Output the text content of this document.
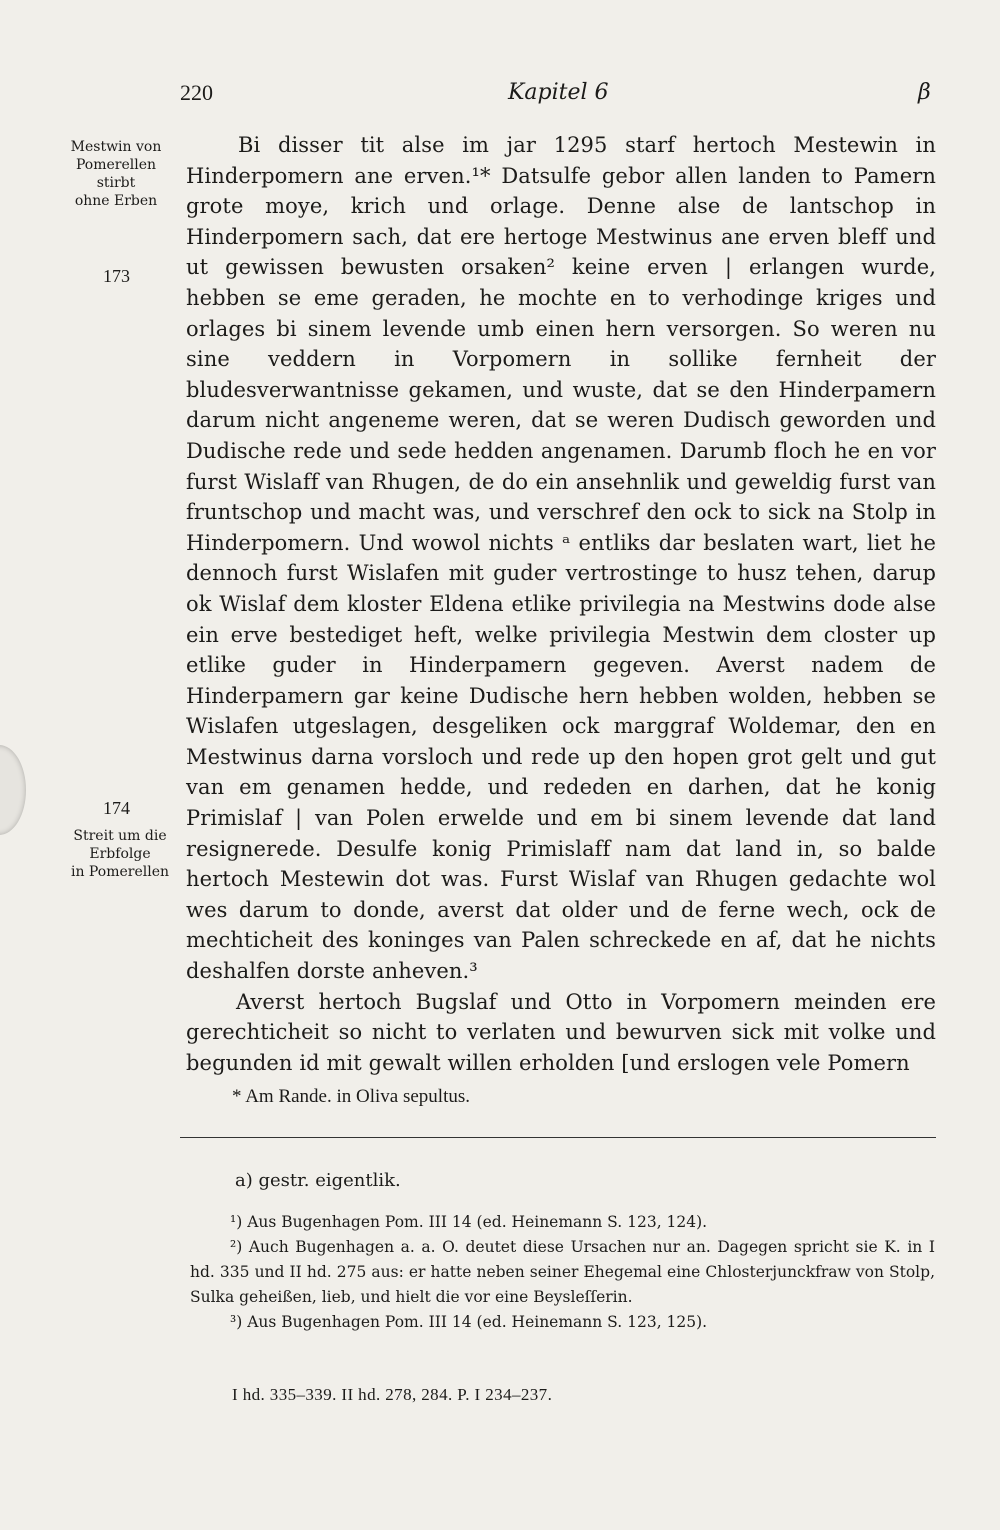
220	Kapitel 6	β
Mestwin von
Pomerellen
stirbt
ohne Erben
173
174
Streit um die
Erbfolge
in Pomerellen

Bi disser tit alse im jar 1295 starf hertoch Mestewin in Hinderpomern ane erven.¹* Datsulfe gebor allen landen to Pamern grote moye, krich und orlage. Denne alse de lantschop in Hinderpomern sach, dat ere hertoge Mestwinus ane erven bleff und ut gewissen bewusten orsaken² keine erven | erlangen wurde, hebben se eme geraden, he mochte en to verhodinge kriges und orlages bi sinem levende umb einen hern versorgen. So weren nu sine veddern in Vorpomern in sollike fernheit der bludesverwantnisse gekamen, und wuste, dat se den Hinderpamern darum nicht angeneme weren, dat se weren Dudisch geworden und Dudische rede und sede hedden angenamen. Darumb floch he en vor furst Wislaff van Rhugen, de do ein ansehnlik und geweldig furst van fruntschop und macht was, und verschref den ock to sick na Stolp in Hinderpomern. Und wowol nichts ᵃ entliks dar beslaten wart, liet he dennoch furst Wislafen mit guder vertrostinge to husz tehen, darup ok Wislaf dem kloster Eldena etlike privilegia na Mestwins dode alse ein erve bestediget heft, welke privilegia Mestwin dem closter up etlike guder in Hinderpamern gegeven. Averst nadem de Hinderpamern gar keine Dudische hern hebben wolden, hebben se Wislafen utgeslagen, desgeliken ock marggraf Woldemar, den en Mestwinus darna vorsloch und rede up den hopen grot gelt und gut van em genamen hedde, und rededen en darhen, dat he konig Primislaf | van Polen erwelde und em bi sinem levende dat land resignerede. Desulfe konig Primislaff nam dat land in, so balde hertoch Mestewin dot was. Furst Wislaf van Rhugen gedachte wol wes darum to donde, averst dat older und de ferne wech, ock de mechticheit des koninges van Palen schreckede en af, dat he nichts deshalfen dorste anheven.³

Averst hertoch Bugslaf und Otto in Vorpomern meinden ere gerechticheit so nicht to verlaten und bewurven sick mit volke und begunden id mit gewalt willen erholden [und erslogen vele Pomern

* Am Rande. in Oliva sepultus.
a) gestr. eigentlik.

¹) Aus Bugenhagen Pom. III 14 (ed. Heinemann S. 123, 124).

²) Auch Bugenhagen a. a. O. deutet diese Ursachen nur an. Dagegen spricht sie K. in I hd. 335 und II hd. 275 aus: er hatte neben seiner Ehegemal eine Chlosterjunckfraw von Stolp, Sulka geheißen, lieb, und hielt die vor eine Beysleſſerin.

³) Aus Bugenhagen Pom. III 14 (ed. Heinemann S. 123, 125).

I hd. 335–339. II hd. 278, 284. P. I 234–237.
